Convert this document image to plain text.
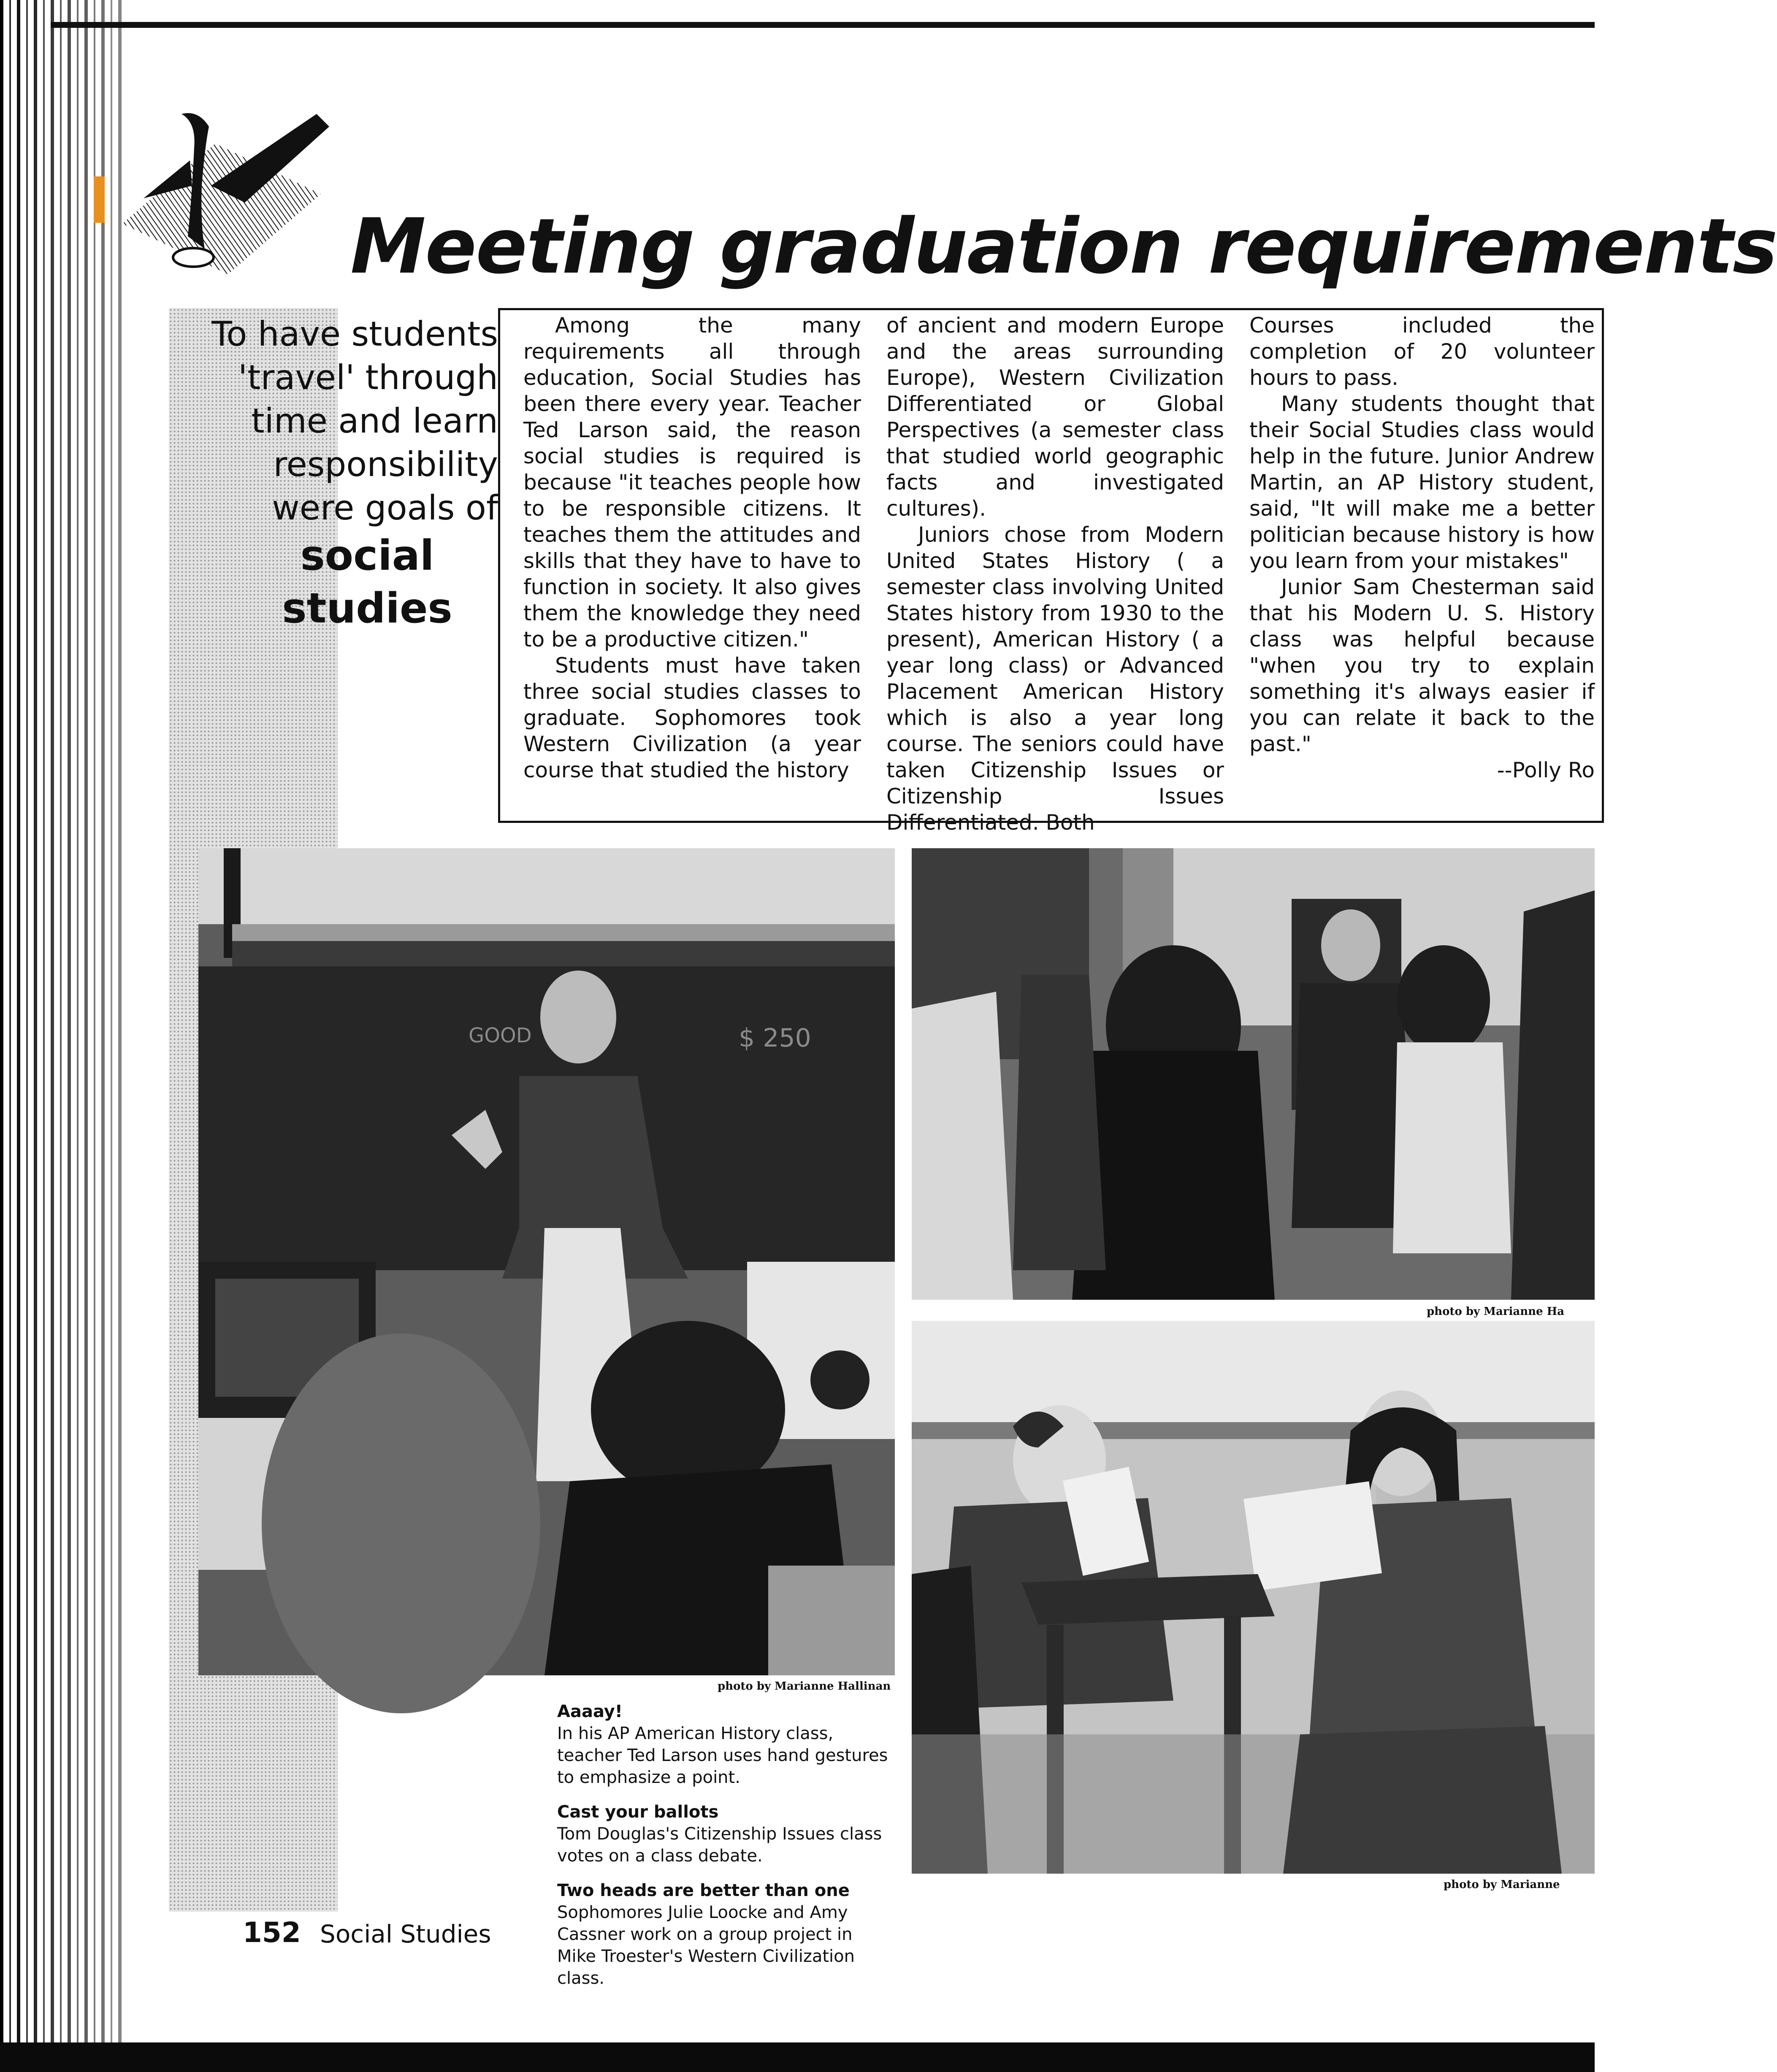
Meeting graduation requirements
To have students
'travel' through
time and learn
responsibility
were goals of
social
studies

Among the many requirements all through education, Social Studies has been there every year. Teacher Ted Larson said, the reason social studies is required is because "it teaches people how to be responsible citizens. It teaches them the attitudes and skills that they have to have to function in society. It also gives them the knowledge they need to be a productive citizen."

Students must have taken three social studies classes to graduate. Sophomores took Western Civilization (a year course that studied the history

of ancient and modern Europe and the areas surrounding Europe), Western Civilization Differentiated or Global Perspectives (a semester class that studied world geographic facts and investigated cultures).

Juniors chose from Modern United States History ( a semester class involving United States history from 1930 to the present), American History ( a year long class) or Advanced Placement American History which is also a year long course. The seniors could have taken Citizenship Issues or Citizenship Issues Differentiated. Both

Courses included the completion of 20 volunteer hours to pass.

Many students thought that their Social Studies class would help in the future. Junior Andrew Martin, an AP History student, said, "It will make me a better politician because history is how you learn from your mistakes"

Junior Sam Chesterman said that his Modern U. S. History class was helpful because "when you try to explain something it's always easier if you can relate it back to the past."

--Polly Ro

GOOD	$ 250
photo by Marianne Hallinan
photo by Marianne Ha
photo by Marianne
Aaaay!
In his AP American History class, teacher Ted Larson uses hand gestures to emphasize a point.
Cast your ballots
Tom Douglas's Citizenship Issues class votes on a class debate.
Two heads are better than one
Sophomores Julie Loocke and Amy Cassner work on a group project in Mike Troester's Western Civilization class.
152 Social Studies
